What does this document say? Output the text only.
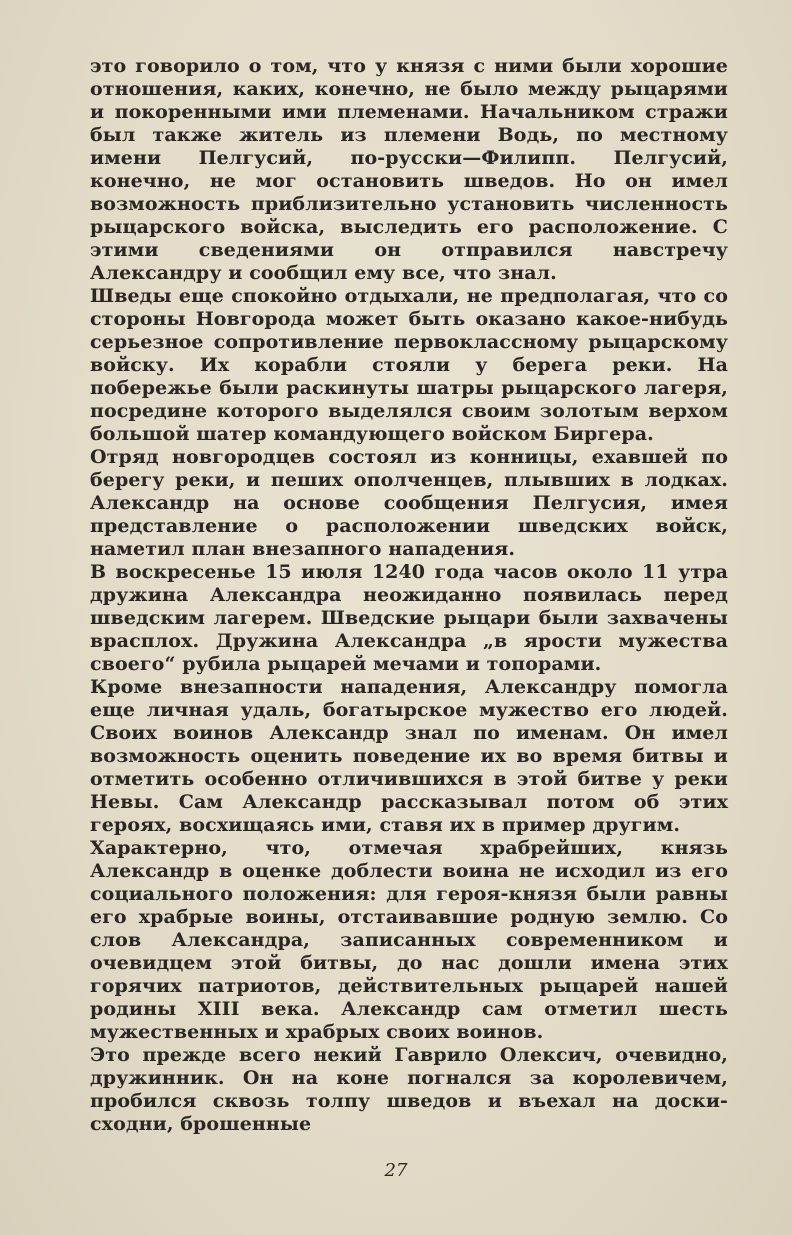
это говорило о том, что у князя с ними были хорошие отношения, каких, конечно, не было между рыцарями и покоренными ими племенами. Начальником стражи был также житель из племени Водь, по местному имени Пелгусий, по-русски—Филипп. Пелгусий, конечно, не мог остановить шведов. Но он имел возможность приблизительно установить численность рыцарского войска, выследить его расположение. С этими сведениями он отправился навстречу Александру и сообщил ему все, что знал.

Шведы еще спокойно отдыхали, не предполагая, что со стороны Новгорода может быть оказано какое-нибудь серьезное сопротивление первоклассному рыцарскому войску. Их корабли стояли у берега реки. На побережье были раскинуты шатры рыцарского лагеря, посредине которого выделялся своим золотым верхом большой шатер командующего войском Биргера.

Отряд новгородцев состоял из конницы, ехавшей по берегу реки, и пеших ополченцев, плывших в лодках. Александр на основе сообщения Пелгусия, имея представление о расположении шведских войск, наметил план внезапного нападения.

В воскресенье 15 июля 1240 года часов около 11 утра дружина Александра неожиданно появилась перед шведским лагерем. Шведские рыцари были захвачены врасплох. Дружина Александра „в ярости мужества своего“ рубила рыцарей мечами и топорами.

Кроме внезапности нападения, Александру помогла еще личная удаль, богатырское мужество его людей. Своих воинов Александр знал по именам. Он имел возможность оценить поведение их во время битвы и отметить особенно отличившихся в этой битве у реки Невы. Сам Александр рассказывал потом об этих героях, восхищаясь ими, ставя их в пример другим.

Характерно, что, отмечая храбрейших, князь Александр в оценке доблести воина не исходил из его социального положения: для героя-князя были равны его храбрые воины, отстаивавшие родную землю. Со слов Александра, записанных современником и очевидцем этой битвы, до нас дошли имена этих горячих патриотов, действительных рыцарей нашей родины XIII века. Александр сам отметил шесть мужественных и храбрых своих воинов.

Это прежде всего некий Гаврило Олексич, очевидно, дружинник. Он на коне погнался за королевичем, пробился сквозь толпу шведов и въехал на доски-сходни, брошенные

27
